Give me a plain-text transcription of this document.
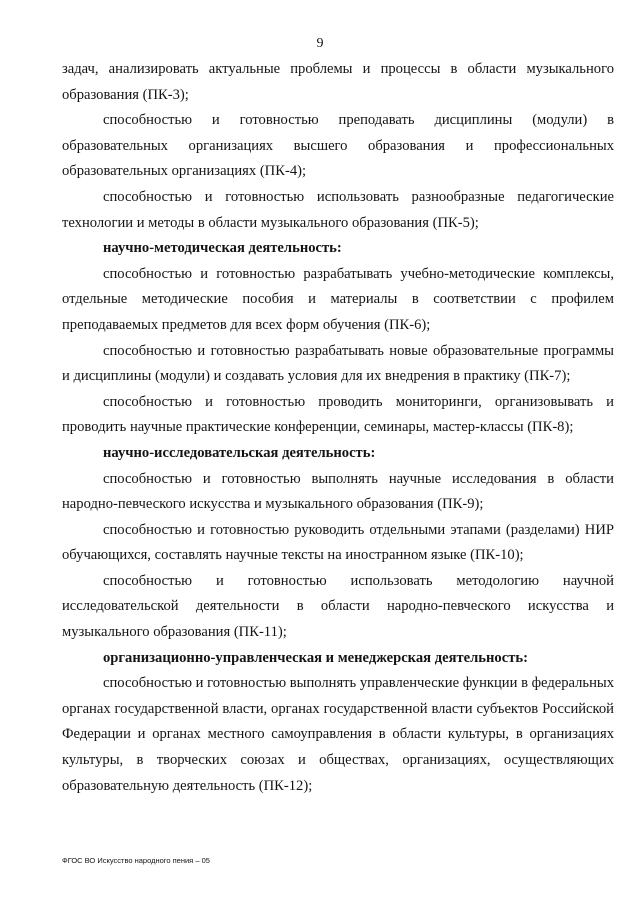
9

задач, анализировать актуальные проблемы и процессы в области музыкального образования (ПК-3);

способностью и готовностью преподавать дисциплины (модули) в образовательных организациях высшего образования и профессиональных образовательных организациях (ПК-4);

способностью и готовностью использовать разнообразные педагогические технологии и методы в области музыкального образования (ПК-5);

научно-методическая деятельность:

способностью и готовностью разрабатывать учебно-методические комплексы, отдельные методические пособия и материалы в соответствии с профилем преподаваемых предметов для всех форм обучения (ПК-6);

способностью и готовностью разрабатывать новые образовательные программы и дисциплины (модули) и создавать условия для их внедрения в практику (ПК-7);

способностью и готовностью проводить мониторинги, организовывать и проводить научные практические конференции, семинары, мастер-классы (ПК-8);

научно-исследовательская деятельность:

способностью и готовностью выполнять научные исследования в области народно-певческого искусства и музыкального образования (ПК-9);

способностью и готовностью руководить отдельными этапами (разделами) НИР обучающихся, составлять научные тексты на иностранном языке (ПК-10);

способностью и готовностью использовать методологию научной исследовательской деятельности в области народно-певческого искусства и музыкального образования (ПК-11);

организационно-управленческая и менеджерская деятельность:

способностью и готовностью выполнять управленческие функции в федеральных органах государственной власти, органах государственной власти субъектов Российской Федерации и органах местного самоуправления в области культуры, в организациях культуры, в творческих союзах и обществах, организациях, осуществляющих образовательную деятельность (ПК-12);

ФГОС ВО Искусство народного пения – 05
